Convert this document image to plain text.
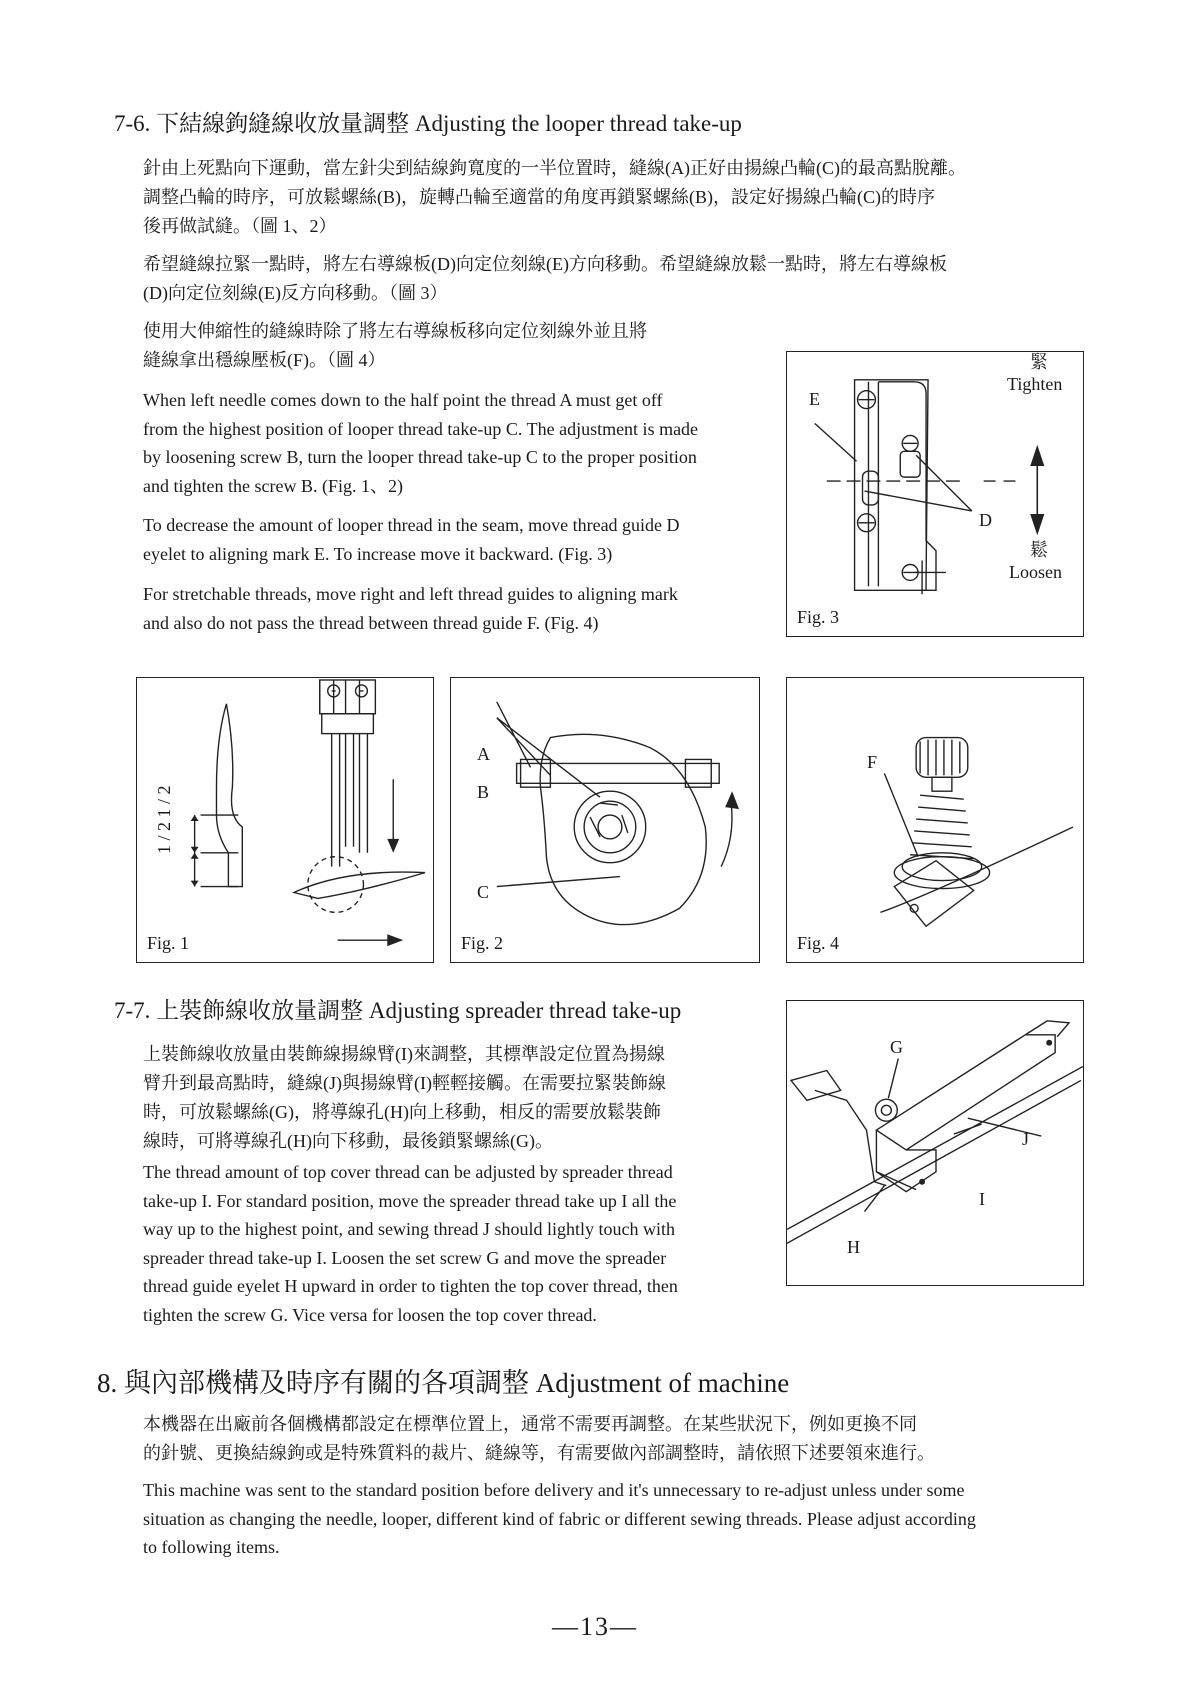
7-6. 下結線鉤縫線收放量調整 Adjusting the looper thread take-up
針由上死點向下運動，當左針尖到結線鉤寬度的一半位置時，縫線(A)正好由揚線凸輪(C)的最高點脫離。
調整凸輪的時序，可放鬆螺絲(B)，旋轉凸輪至適當的角度再鎖緊螺絲(B)，設定好揚線凸輪(C)的時序
後再做試縫。（圖 1、2）
希望縫線拉緊一點時，將左右導線板(D)向定位刻線(E)方向移動。希望縫線放鬆一點時，將左右導線板
(D)向定位刻線(E)反方向移動。（圖 3）
使用大伸縮性的縫線時除了將左右導線板移向定位刻線外並且將
縫線拿出穩線壓板(F)。（圖 4）
When left needle comes down to the half point the thread A must get off
from the highest position of looper thread take-up C. The adjustment is made
by loosening screw B, turn the looper thread take-up C to the proper position
and tighten the screw B. (Fig. 1、2)
To decrease the amount of looper thread in the seam, move thread guide D
eyelet to aligning mark E. To increase move it backward. (Fig. 3)
For stretchable threads, move right and left thread guides to aligning mark
and also do not pass the thread between thread guide F. (Fig. 4)
E
D
緊
Tighten
鬆
Loosen
Fig. 3
1 / 2 1 / 2
Fig. 1
A
B
C
Fig. 2
F
Fig. 4
7-7. 上裝飾線收放量調整 Adjusting spreader thread take-up
上裝飾線收放量由裝飾線揚線臂(I)來調整，其標準設定位置為揚線
臂升到最高點時，縫線(J)與揚線臂(I)輕輕接觸。在需要拉緊裝飾線
時，可放鬆螺絲(G)，將導線孔(H)向上移動，相反的需要放鬆裝飾
線時，可將導線孔(H)向下移動，最後鎖緊螺絲(G)。
The thread amount of top cover thread can be adjusted by spreader thread
take-up I. For standard position, move the spreader thread take up I all the
way up to the highest point, and sewing thread J should lightly touch with
spreader thread take-up I. Loosen the set screw G and move the spreader
thread guide eyelet H upward in order to tighten the top cover thread, then
tighten the screw G. Vice versa for loosen the top cover thread.
G
J
I
H
8. 與內部機構及時序有關的各項調整 Adjustment of machine
本機器在出廠前各個機構都設定在標準位置上，通常不需要再調整。在某些狀況下，例如更換不同
的針號、更換結線鉤或是特殊質料的裁片、縫線等，有需要做內部調整時，請依照下述要領來進行。
This machine was sent to the standard position before delivery and it's unnecessary to re-adjust unless under some
situation as changing the needle, looper, different kind of fabric or different sewing threads. Please adjust according
to following items.
—13—
